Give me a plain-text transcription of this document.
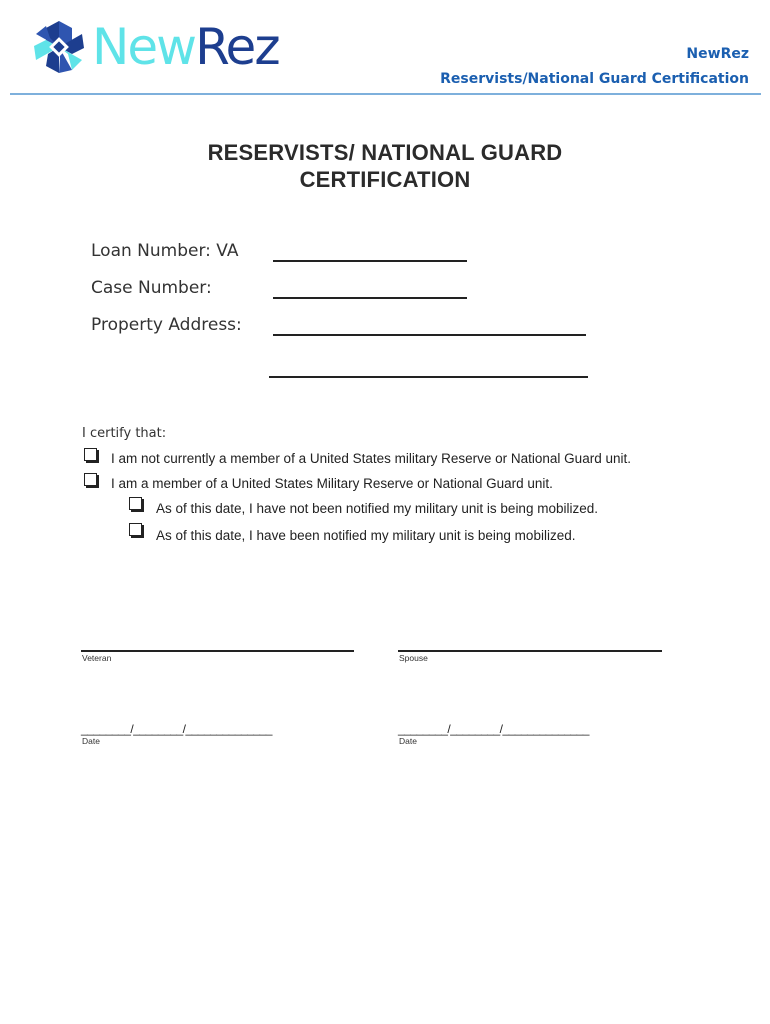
NewRez	NewRez
Reservists/National Guard Certification
RESERVISTS/ NATIONAL GUARD
CERTIFICATION
Loan Number: VA
Case Number:
Property Address:
I certify that:
I am not currently a member of a United States military Reserve or National Guard unit.
I am a member of a United States Military Reserve or National Guard unit.
As of this date, I have not been notified my military unit is being mobilized.
As of this date, I have been notified my military unit is being mobilized.
Veteran	Spouse
________/________/______________
Date
________/________/______________
Date
